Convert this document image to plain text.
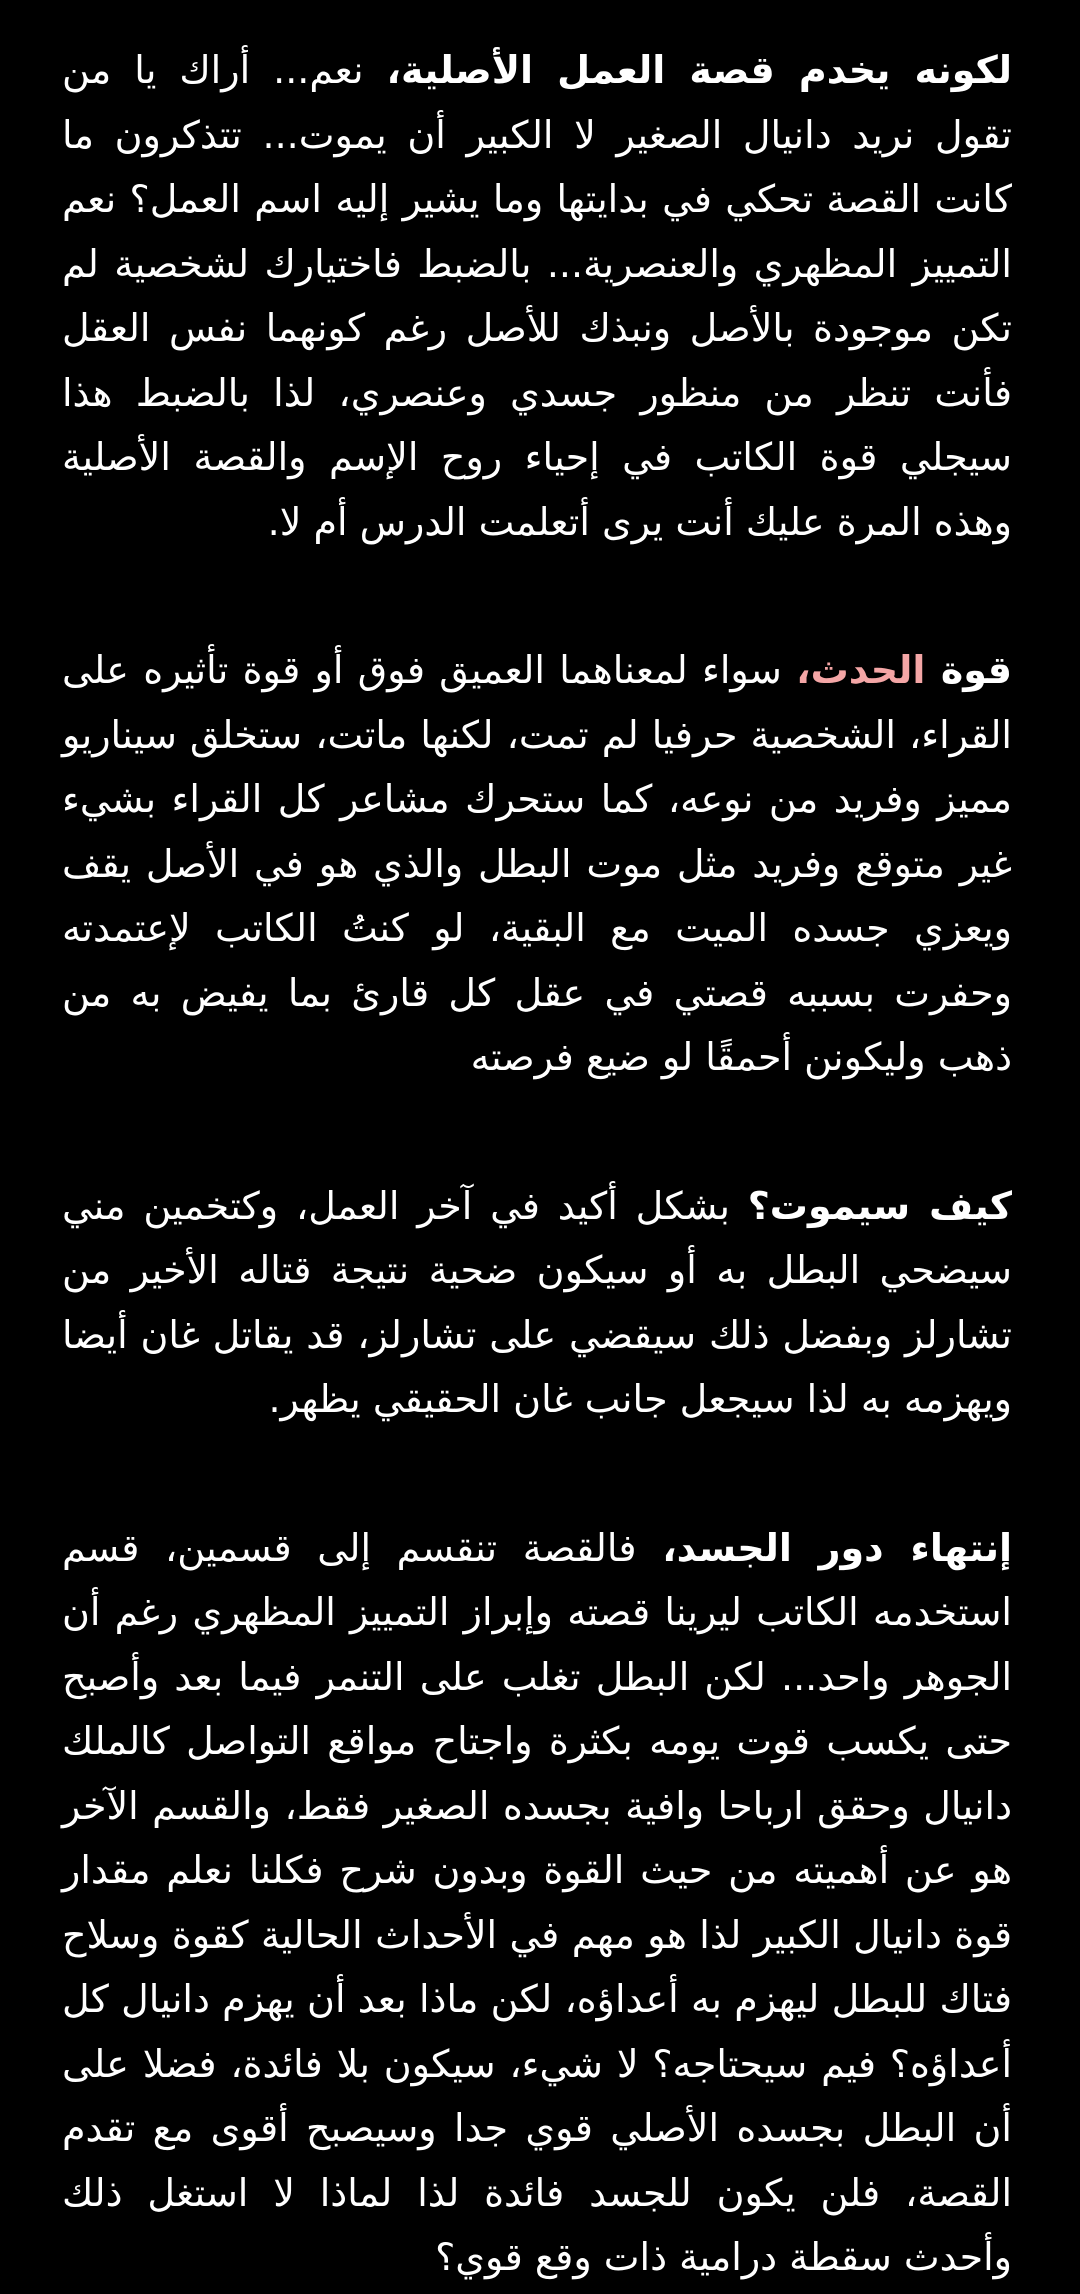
لكونه يخدم قصة العمل الأصلية، نعم... أراك يا من تقول نريد دانيال الصغير لا الكبير أن يموت... تتذكرون ما كانت القصة تحكي في بدايتها وما يشير إليه اسم العمل؟ نعم التمييز المظهري والعنصرية... بالضبط فاختيارك لشخصية لم تكن موجودة بالأصل ونبذك للأصل رغم كونهما نفس العقل فأنت تنظر من منظور جسدي وعنصري، لذا بالضبط هذا سيجلي قوة الكاتب في إحياء روح الإسم والقصة الأصلية وهذه المرة عليك أنت يرى أتعلمت الدرس أم لا.

قوة الحدث، سواء لمعناهما العميق فوق أو قوة تأثيره على القراء، الشخصية حرفيا لم تمت، لكنها ماتت، ستخلق سيناريو مميز وفريد من نوعه، كما ستحرك مشاعر كل القراء بشيء غير متوقع وفريد مثل موت البطل والذي هو في الأصل يقف ويعزي جسده الميت مع البقية، لو كنتُ الكاتب لإعتمدته وحفرت بسببه قصتي في عقل كل قارئ بما يفيض به من ذهب وليكونن أحمقًا لو ضيع فرصته

كيف سيموت؟ بشكل أكيد في آخر العمل، وكتخمين مني سيضحي البطل به أو سيكون ضحية نتيجة قتاله الأخير من تشارلز وبفضل ذلك سيقضي على تشارلز، قد يقاتل غان أيضا ويهزمه به لذا سيجعل جانب غان الحقيقي يظهر.

إنتهاء دور الجسد، فالقصة تنقسم إلى قسمين، قسم استخدمه الكاتب ليرينا قصته وإبراز التمييز المظهري رغم أن الجوهر واحد... لكن البطل تغلب على التنمر فيما بعد وأصبح حتى يكسب قوت يومه بكثرة واجتاح مواقع التواصل كالملك دانيال وحقق ارباحا وافية بجسده الصغير فقط، والقسم الآخر هو عن أهميته من حيث القوة وبدون شرح فكلنا نعلم مقدار قوة دانيال الكبير لذا هو مهم في الأحداث الحالية كقوة وسلاح فتاك للبطل ليهزم به أعداؤه، لكن ماذا بعد أن يهزم دانيال كل أعداؤه؟ فيم سيحتاجه؟ لا شيء، سيكون بلا فائدة، فضلا على أن البطل بجسده الأصلي قوي جدا وسيصبح أقوى مع تقدم القصة، فلن يكون للجسد فائدة لذا لماذا لا استغل ذلك وأحدث سقطة درامية ذات وقع قوي؟
